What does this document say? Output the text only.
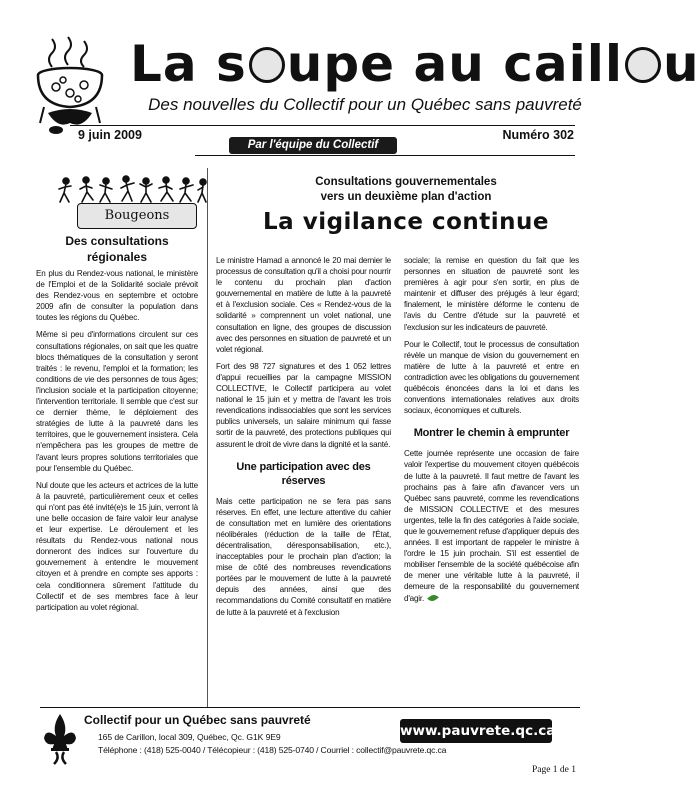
La s upe au caill u
Des nouvelles du Collectif pour un Québec sans pauvreté
9 juin 2009	Numéro 302
Par l'équipe du Collectif
Bougeons
Des consultations régionales

En plus du Rendez-vous national, le ministère de l'Emploi et de la Solidarité sociale prévoit des Rendez-vous en septembre et octobre 2009 afin de consulter la population dans toutes les régions du Québec.

Même si peu d'informations circulent sur ces consultations régionales, on sait que les quatre blocs thématiques de la consultation y seront traités : le revenu, l'emploi et la formation; les conditions de vie des personnes de tous âges; l'inclusion sociale et la participation citoyenne; l'intervention territoriale. Il semble que c'est sur ce dernier thème, le déploiement des stratégies de lutte à la pauvreté dans les territoires, que le gouvernement insistera. Cela n'empêchera pas les groupes de mettre de l'avant leurs propres solutions territoriales que pour l'ensemble du Québec.

Nul doute que les acteurs et actrices de la lutte à la pauvreté, particulièrement ceux et celles qui n'ont pas été invité(e)s le 15 juin, verront là une belle occasion de faire valoir leur analyse et leur expertise. Le déroulement et les résultats du Rendez-vous national nous donneront des indices sur l'ouverture du gouvernement à entendre le mouvement citoyen et à prendre en compte ses apports : cela conditionnera sûrement l'attitude du Collectif et de ses membres face à leur participation au volet régional.

Consultations gouvernementales
vers un deuxième plan d'action
La vigilance continue

Le ministre Hamad a annoncé le 20 mai dernier le processus de consultation qu'il a choisi pour nourrir le contenu du prochain plan d'action gouvernemental en matière de lutte à la pauvreté et à l'exclusion sociale. Ces « Rendez-vous de la solidarité » comprennent un volet national, une consultation en ligne, des groupes de discussion avec des personnes en situation de pauvreté et un volet régional.

Fort des 98 727 signatures et des 1 052 lettres d'appui recueillies par la campagne MISSION COLLECTIVE, le Collectif participera au volet national le 15 juin et y mettra de l'avant les trois revendications indissociables que sont les services publics universels, un salaire minimum qui fasse sortir de la pauvreté, des protections publiques qui assurent le droit de vivre dans la dignité et la santé.

Une participation avec des réserves

Mais cette participation ne se fera pas sans réserves. En effet, une lecture attentive du cahier de consultation met en lumière des orientations néolibérales (réduction de la taille de l'État, décentralisation, déresponsabilisation, etc.), inacceptables pour le prochain plan d'action; la mise de côté des nombreuses revendications portées par le mouvement de lutte à la pauvreté depuis des années, ainsi que des recommandations du Comité consultatif en matière de lutte à la pauvreté et à l'exclusion

sociale; la remise en question du fait que les personnes en situation de pauvreté sont les premières à agir pour s'en sortir, en plus de maintenir et diffuser des préjugés à leur égard; finalement, le ministère déforme le contenu de l'avis du Centre d'étude sur la pauvreté et l'exclusion sur les indicateurs de pauvreté.

Pour le Collectif, tout le processus de consultation révèle un manque de vision du gouvernement en matière de lutte à la pauvreté et entre en contradiction avec les obligations du gouvernement québécois énoncées dans la loi et dans les conventions internationales relatives aux droits sociaux, économiques et culturels.

Montrer le chemin à emprunter

Cette journée représente une occasion de faire valoir l'expertise du mouvement citoyen québécois de lutte à la pauvreté. Il faut mettre de l'avant les prochains pas à faire afin d'avancer vers un Québec sans pauvreté, comme les revendications de MISSION COLLECTIVE et des mesures urgentes, telle la fin des catégories à l'aide sociale, que le gouvernement refuse d'appliquer depuis des années. Il est important de rappeler le ministre à l'ordre le 15 juin prochain. S'il est essentiel de mobiliser l'ensemble de la société québécoise afin de mener une véritable lutte à la pauvreté, il demeure de la responsabilité du gouvernement d'agir.

Collectif pour un Québec sans pauvreté
165 de Carillon, local 309, Québec, Qc. G1K 9E9
Téléphone : (418) 525-0040 / Télécopieur : (418) 525-0740 / Courriel : collectif@pauvrete.qc.ca
www.pauvrete.qc.ca
Page 1 de 1
